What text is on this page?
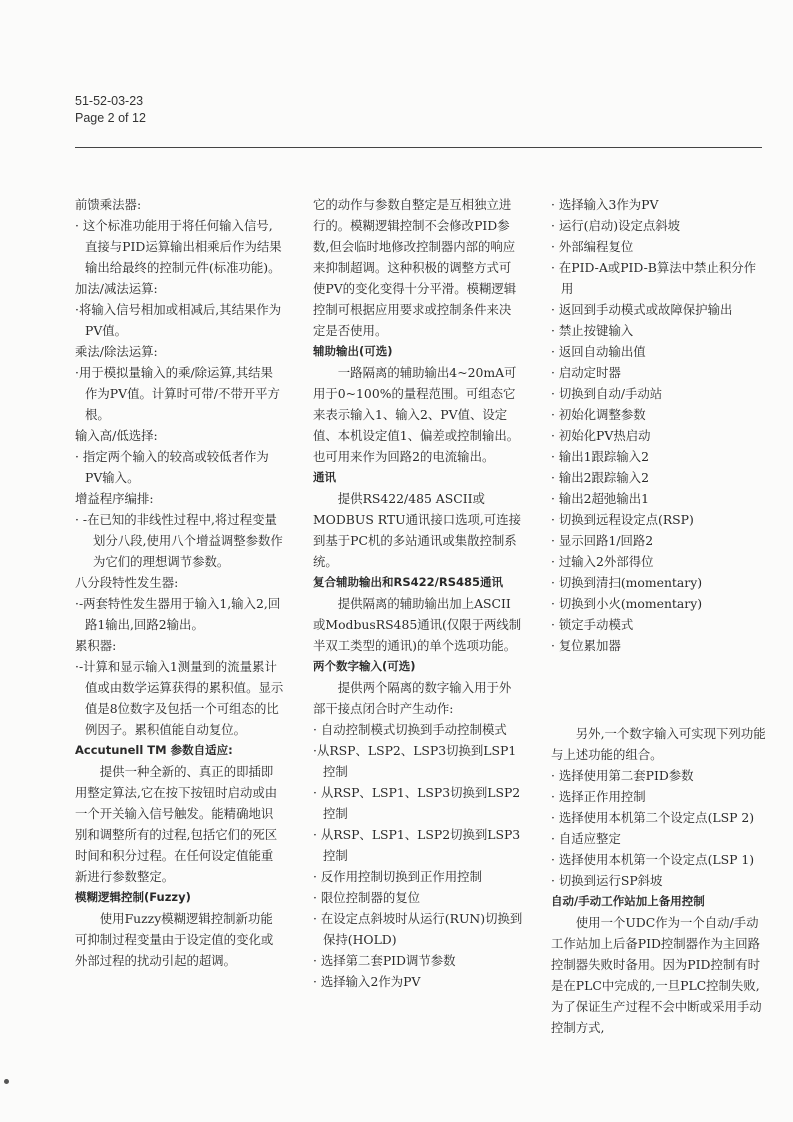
51-52-03-23
Page 2 of 12

前馈乘法器:

· 这个标准功能用于将任何输入信号,直接与PID运算输出相乘后作为结果输出给最终的控制元件(标准功能)。

加法/减法运算:

·将输入信号相加或相减后,其结果作为PV值。

乘法/除法运算:

·用于模拟量输入的乘/除运算,其结果作为PV值。计算时可带/不带开平方根。

输入高/低选择:

· 指定两个输入的较高或较低者作为PV输入。

增益程序编排:

· -在已知的非线性过程中,将过程变量划分八段,使用八个增益调整参数作为它们的理想调节参数。

八分段特性发生器:

·-两套特性发生器用于输入1,输入2,回路1输出,回路2输出。

累积器:

·-计算和显示输入1测量到的流量累计值或由数学运算获得的累积值。显示值是8位数字及包括一个可组态的比例因子。累积值能自动复位。

Accutunell TM 参数自适应:

提供一种全新的、真正的即插即用整定算法,它在按下按钮时启动或由一个开关输入信号触发。能精确地识别和调整所有的过程,包括它们的死区时间和积分过程。在任何设定值能重新进行参数整定。

模糊逻辑控制(Fuzzy)

使用Fuzzy模糊逻辑控制新功能可抑制过程变量由于设定值的变化或外部过程的扰动引起的超调。

它的动作与参数自整定是互相独立进行的。模糊逻辑控制不会修改PID参数,但会临时地修改控制器内部的响应来抑制超调。这种积极的调整方式可使PV的变化变得十分平滑。模糊逻辑控制可根据应用要求或控制条件来决定是否使用。

辅助输出(可选)

一路隔离的辅助输出4~20mA可用于0~100%的量程范围。可组态它来表示输入1、输入2、PV值、设定值、本机设定值1、偏差或控制输出。也可用来作为回路2的电流输出。

通讯

提供RS422/485 ASCII或MODBUS RTU通讯接口选项,可连接到基于PC机的多站通讯或集散控制系统。

复合辅助输出和RS422/RS485通讯

提供隔离的辅助输出加上ASCII或ModbusRS485通讯(仅限于两线制半双工类型的通讯)的单个选项功能。

两个数字输入(可选)

提供两个隔离的数字输入用于外部干接点闭合时产生动作:

· 自动控制模式切换到手动控制模式

·从RSP、LSP2、LSP3切换到LSP1控制

· 从RSP、LSP1、LSP3切换到LSP2控制

· 从RSP、LSP1、LSP2切换到LSP3控制

· 反作用控制切换到正作用控制

· 限位控制器的复位

· 在设定点斜坡时从运行(RUN)切换到保持(HOLD)

· 选择第二套PID调节参数

· 选择输入2作为PV

· 选择输入3作为PV

· 运行(启动)设定点斜坡

· 外部编程复位

· 在PID-A或PID-B算法中禁止积分作用

· 返回到手动模式或故障保护输出

· 禁止按键输入

· 返回自动输出值

· 启动定时器

· 切换到自动/手动站

· 初始化调整参数

· 初始化PV热启动

· 输出1跟踪输入2

· 输出2跟踪输入2

· 输出2超弛输出1

· 切换到远程设定点(RSP)

· 显示回路1/回路2

· 过输入2外部得位

· 切换到清扫(momentary)

· 切换到小火(momentary)

· 锁定手动模式

· 复位累加器

另外,一个数字输入可实现下列功能与上述功能的组合。

· 选择使用第二套PID参数

· 选择正作用控制

· 选择使用本机第二个设定点(LSP 2)

· 自适应整定

· 选择使用本机第一个设定点(LSP 1)

· 切换到运行SP斜坡

自动/手动工作站加上备用控制

使用一个UDC作为一个自动/手动工作站加上后备PID控制器作为主回路控制器失败时备用。因为PID控制有时是在PLC中完成的,一旦PLC控制失败,为了保证生产过程不会中断或采用手动控制方式,
